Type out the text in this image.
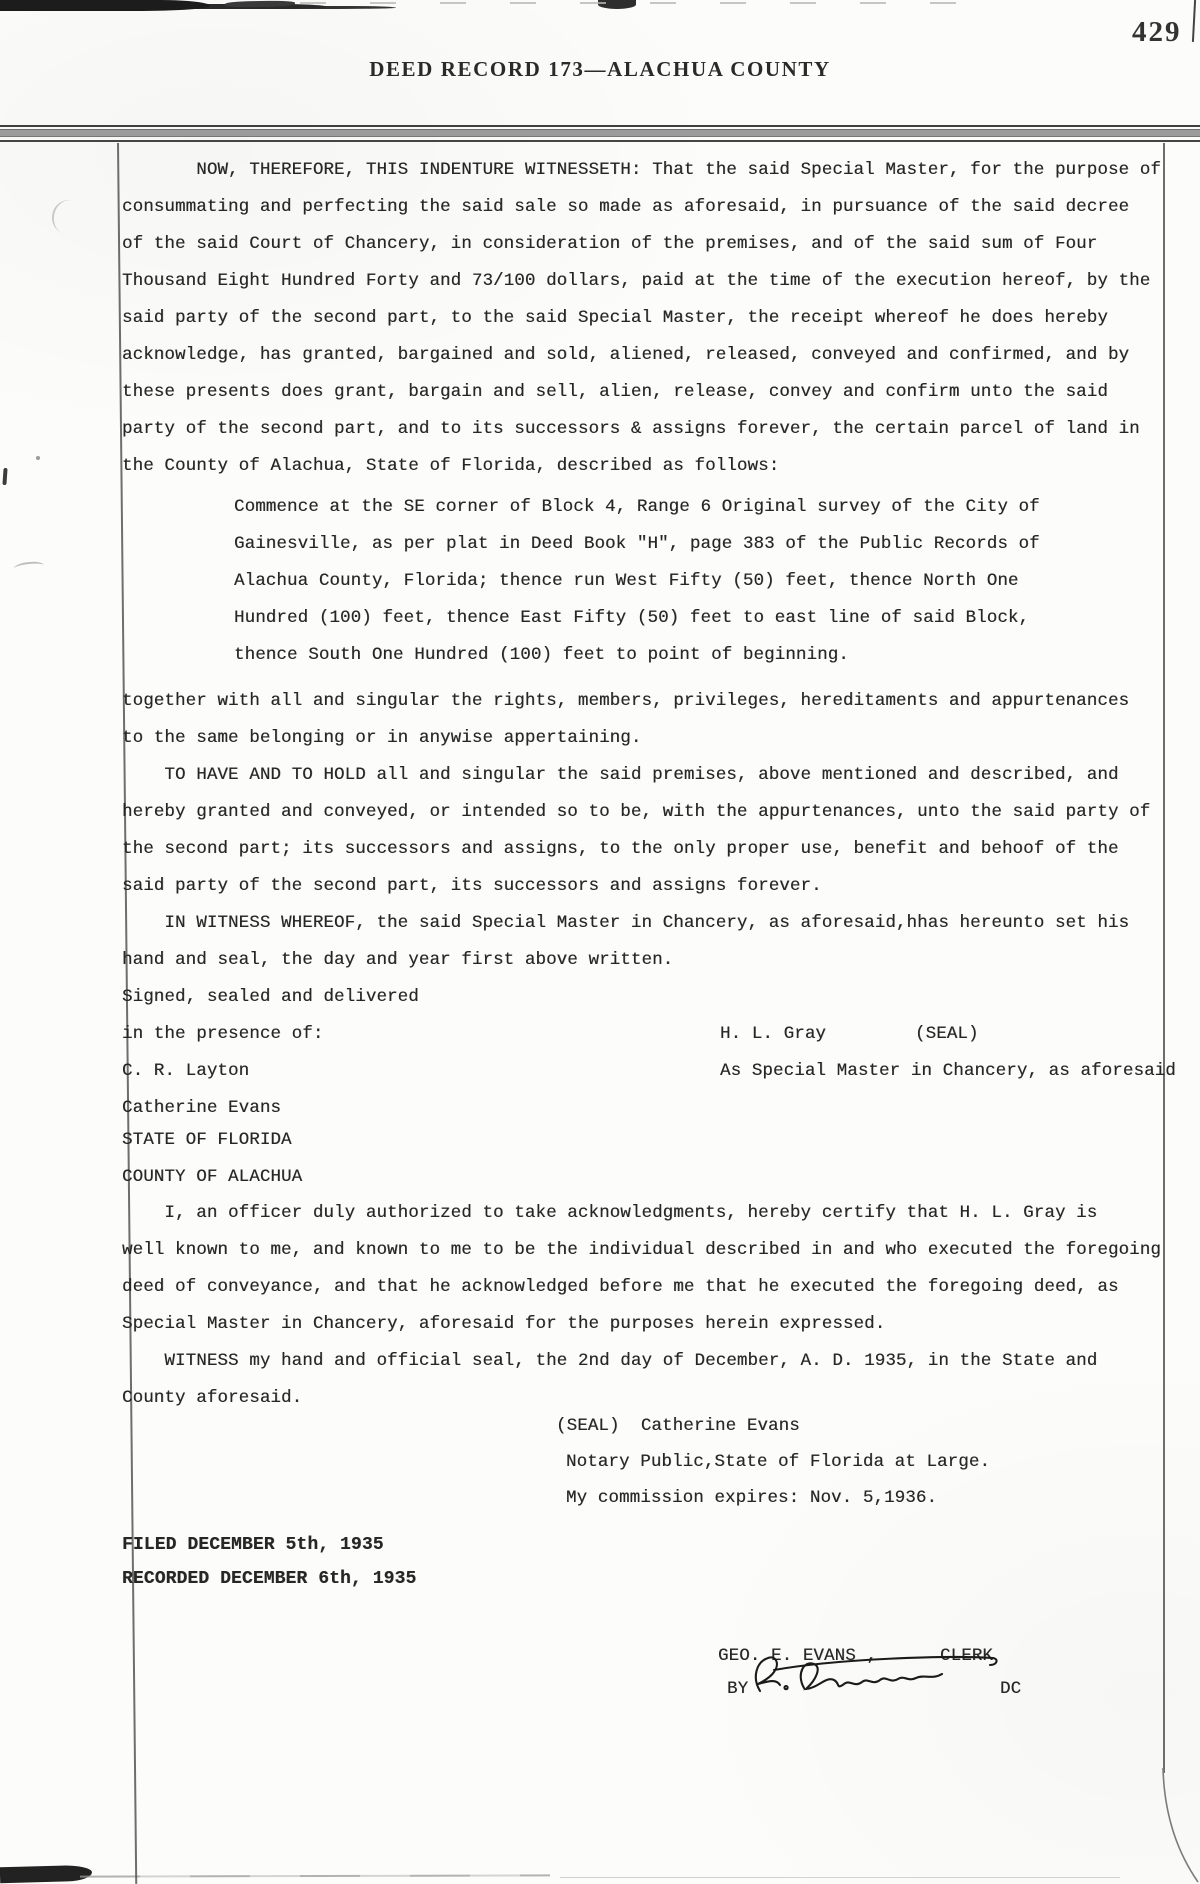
429
DEED RECORD 173—ALACHUA COUNTY
NOW, THEREFORE, THIS INDENTURE WITNESSETH: That the said Special Master, for the purpose of
consummating and perfecting the said sale so made as aforesaid, in pursuance of the said decree
of the said Court of Chancery, in consideration of the premises, and of the said sum of Four
Thousand Eight Hundred Forty and 73/100 dollars, paid at the time of the execution hereof, by the
said party of the second part, to the said Special Master, the receipt whereof he does hereby
acknowledge, has granted, bargained and sold, aliened, released, conveyed and confirmed, and by
these presents does grant, bargain and sell, alien, release, convey and confirm unto the said
party of the second part, and to its successors & assigns forever, the certain parcel of land in
the County of Alachua, State of Florida, described as follows:
Commence at the SE corner of Block 4, Range 6 Original survey of the City of
Gainesville, as per plat in Deed Book "H", page 383 of the Public Records of
Alachua County, Florida; thence run West Fifty (50) feet, thence North One
Hundred (100) feet, thence East Fifty (50) feet to east line of said Block,
thence South One Hundred (100) feet to point of beginning.
together with all and singular the rights, members, privileges, hereditaments and appurtenances
to the same belonging or in anywise appertaining.
TO HAVE AND TO HOLD all and singular the said premises, above mentioned and described, and
hereby granted and conveyed, or intended so to be, with the appurtenances, unto the said party of
the second part; its successors and assigns, to the only proper use, benefit and behoof of the
said party of the second part, its successors and assigns forever.
IN WITNESS WHEREOF, the said Special Master in Chancery, as aforesaid,hhas hereunto set his
hand and seal, the day and year first above written.
Signed, sealed and delivered
in the presence of:	H. L. Gray	(SEAL)
C. R. Layton	As Special Master in Chancery, as aforesaid
Catherine Evans
STATE OF FLORIDA
COUNTY OF ALACHUA
I, an officer duly authorized to take acknowledgments, hereby certify that H. L. Gray is
well known to me, and known to me to be the individual described in and who executed the foregoing
deed of conveyance, and that he acknowledged before me that he executed the foregoing deed, as
Special Master in Chancery, aforesaid for the purposes herein expressed.
WITNESS my hand and official seal, the 2nd day of December, A. D. 1935, in the State and
County aforesaid.
(SEAL)  Catherine Evans
Notary Public,State of Florida at Large.
My commission expires: Nov. 5,1936.
FILED DECEMBER 5th, 1935
RECORDED DECEMBER 6th, 1935
GEO. E. EVANS ,	CLERK
BY	DC
